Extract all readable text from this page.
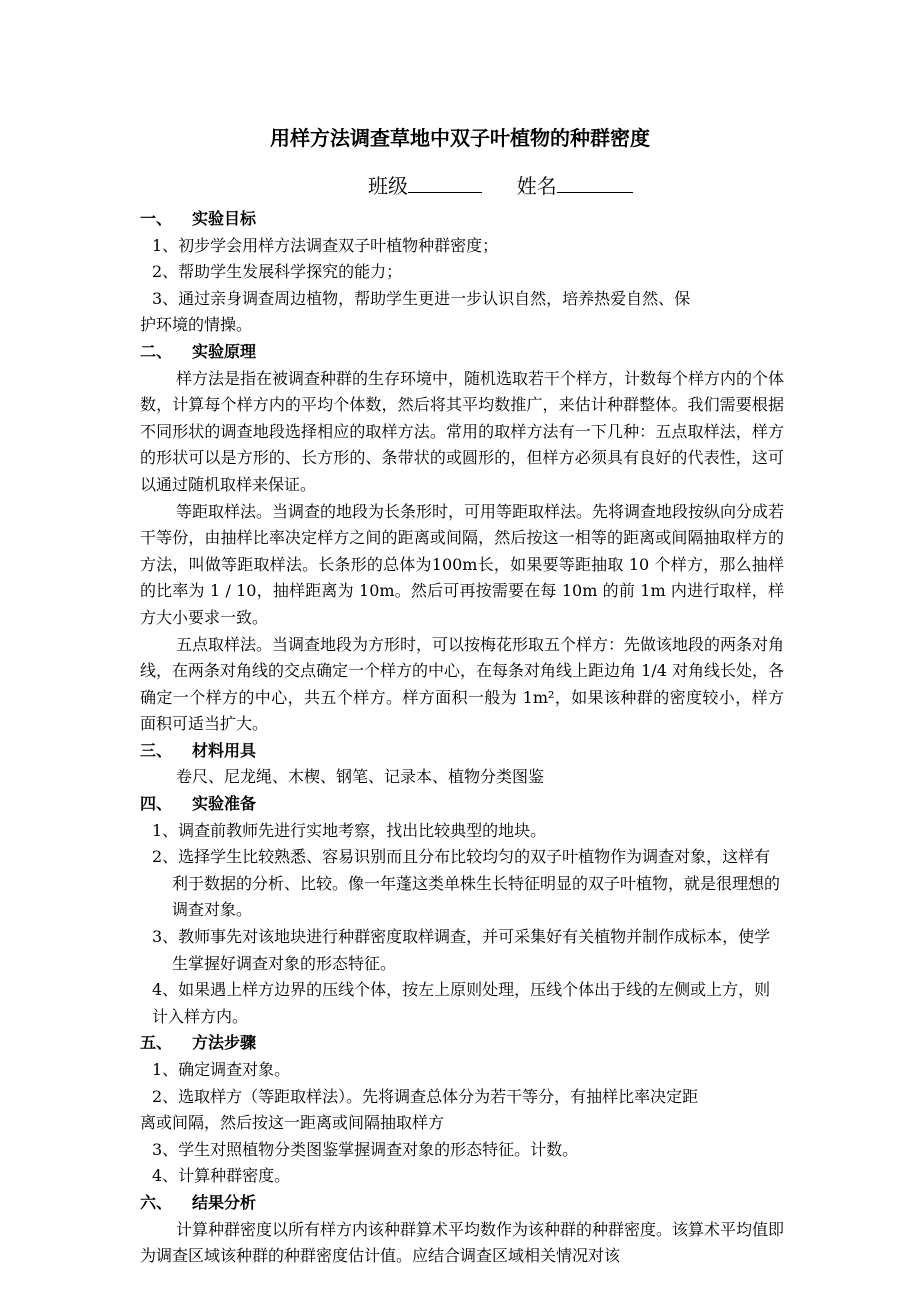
用样方法调查草地中双子叶植物的种群密度
班级	姓名
一、 实验目标
1、初步学会用样方法调查双子叶植物种群密度；
2、帮助学生发展科学探究的能力；
3、通过亲身调查周边植物，帮助学生更进一步认识自然，培养热爱自然、保
护环境的情操。
二、 实验原理
样方法是指在被调查种群的生存环境中，随机选取若干个样方，计数每个样方内的个体数，计算每个样方内的平均个体数，然后将其平均数推广，来估计种群整体。我们需要根据不同形状的调查地段选择相应的取样方法。常用的取样方法有一下几种：五点取样法，样方的形状可以是方形的、长方形的、条带状的或圆形的，但样方必须具有良好的代表性，这可以通过随机取样来保证。
等距取样法。当调查的地段为长条形时，可用等距取样法。先将调查地段按纵向分成若干等份，由抽样比率决定样方之间的距离或间隔，然后按这一相等的距离或间隔抽取样方的方法，叫做等距取样法。长条形的总体为100m长，如果要等距抽取 10 个样方，那么抽样的比率为 1 / 10，抽样距离为 10m。然后可再按需要在每 10m 的前 1m 内进行取样，样方大小要求一致。
五点取样法。当调查地段为方形时，可以按梅花形取五个样方：先做该地段的两条对角线，在两条对角线的交点确定一个样方的中心，在每条对角线上距边角 1/4 对角线长处，各确定一个样方的中心，共五个样方。样方面积一般为 1m²，如果该种群的密度较小，样方面积可适当扩大。
三、 材料用具
卷尺、尼龙绳、木楔、钢笔、记录本、植物分类图鉴
四、 实验准备
1、调查前教师先进行实地考察，找出比较典型的地块。
2、选择学生比较熟悉、容易识别而且分布比较均匀的双子叶植物作为调查对象，这样有利于数据的分析、比较。像一年蓬这类单株生长特征明显的双子叶植物，就是很理想的调查对象。
3、教师事先对该地块进行种群密度取样调查，并可采集好有关植物并制作成标本，使学生掌握好调查对象的形态特征。
4、如果遇上样方边界的压线个体，按左上原则处理，压线个体出于线的左侧或上方，则计入样方内。
五、 方法步骤
1、确定调查对象。
2、选取样方（等距取样法）。先将调查总体分为若干等分，有抽样比率决定距
离或间隔，然后按这一距离或间隔抽取样方
3、学生对照植物分类图鉴掌握调查对象的形态特征。计数。
4、计算种群密度。
六、 结果分析
计算种群密度以所有样方内该种群算术平均数作为该种群的种群密度。该算术平均值即为调查区域该种群的种群密度估计值。应结合调查区域相关情况对该
